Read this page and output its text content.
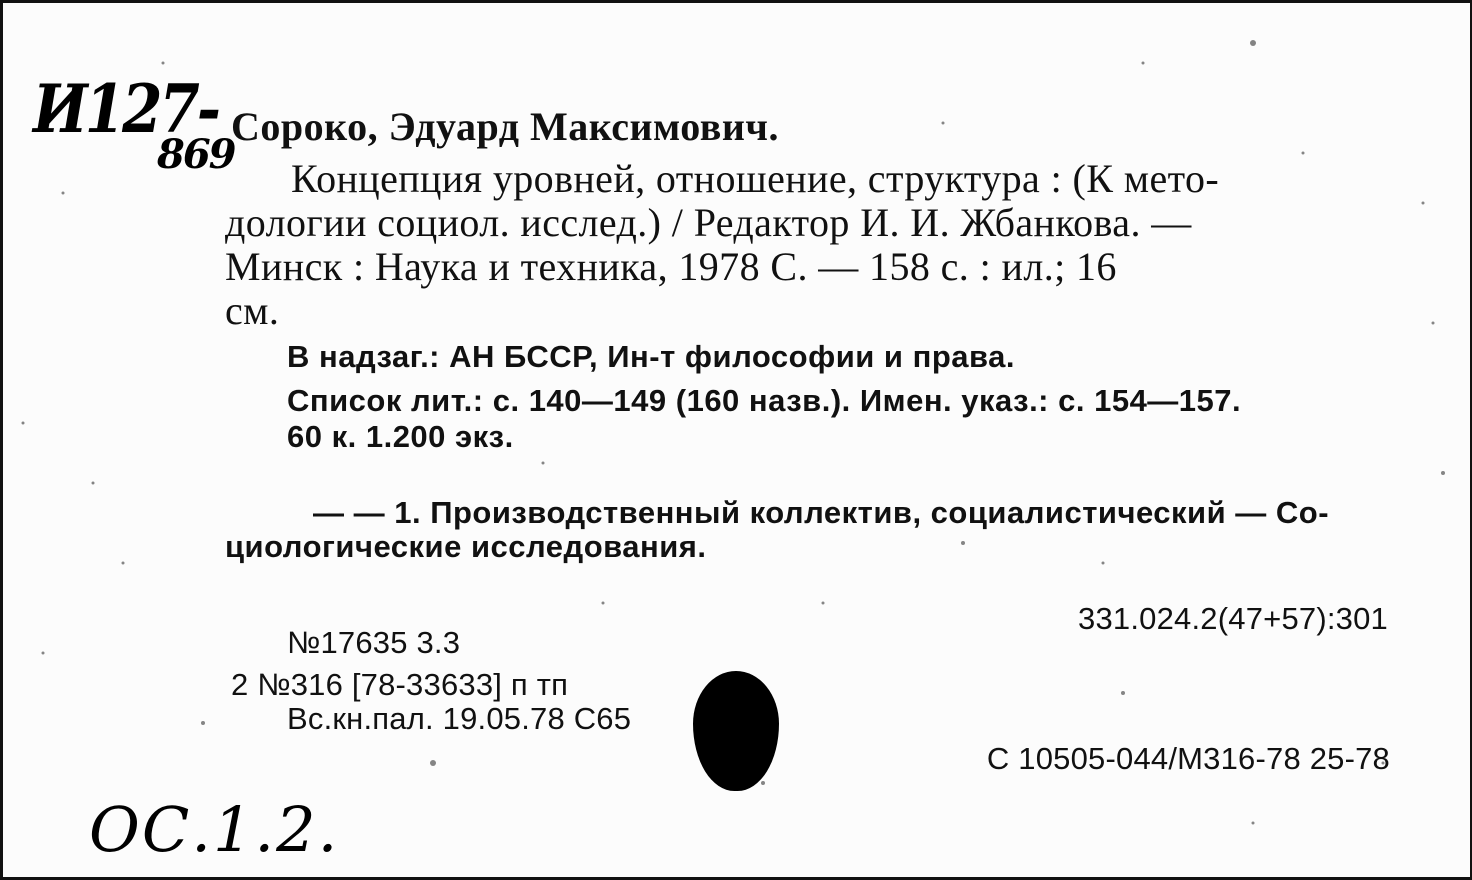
И127-
869
Сороко, Эдуард Максимович.
Концепция уровней, отношение, структура : (К мето-
дологии социол. исслед.) / Редактор И. И. Жбанкова. —
Минск : Наука и техника, 1978 С. — 158 с. : ил.; 16
см.
В надзаг.: АН БССР, Ин-т философии и права.
Список лит.: с. 140—149 (160 назв.). Имен. указ.: с. 154—157.
60 к. 1.200 экз.
— — 1. Производственный коллектив, социалистический — Со-
циологические исследования.
331.024.2(47+57):301
№17635 3.3
2 №316 [78-33633] п тп
Вс.кн.пал. 19.05.78 С65
С 10505-044/М316-78 25-78
ОС.1.2.
